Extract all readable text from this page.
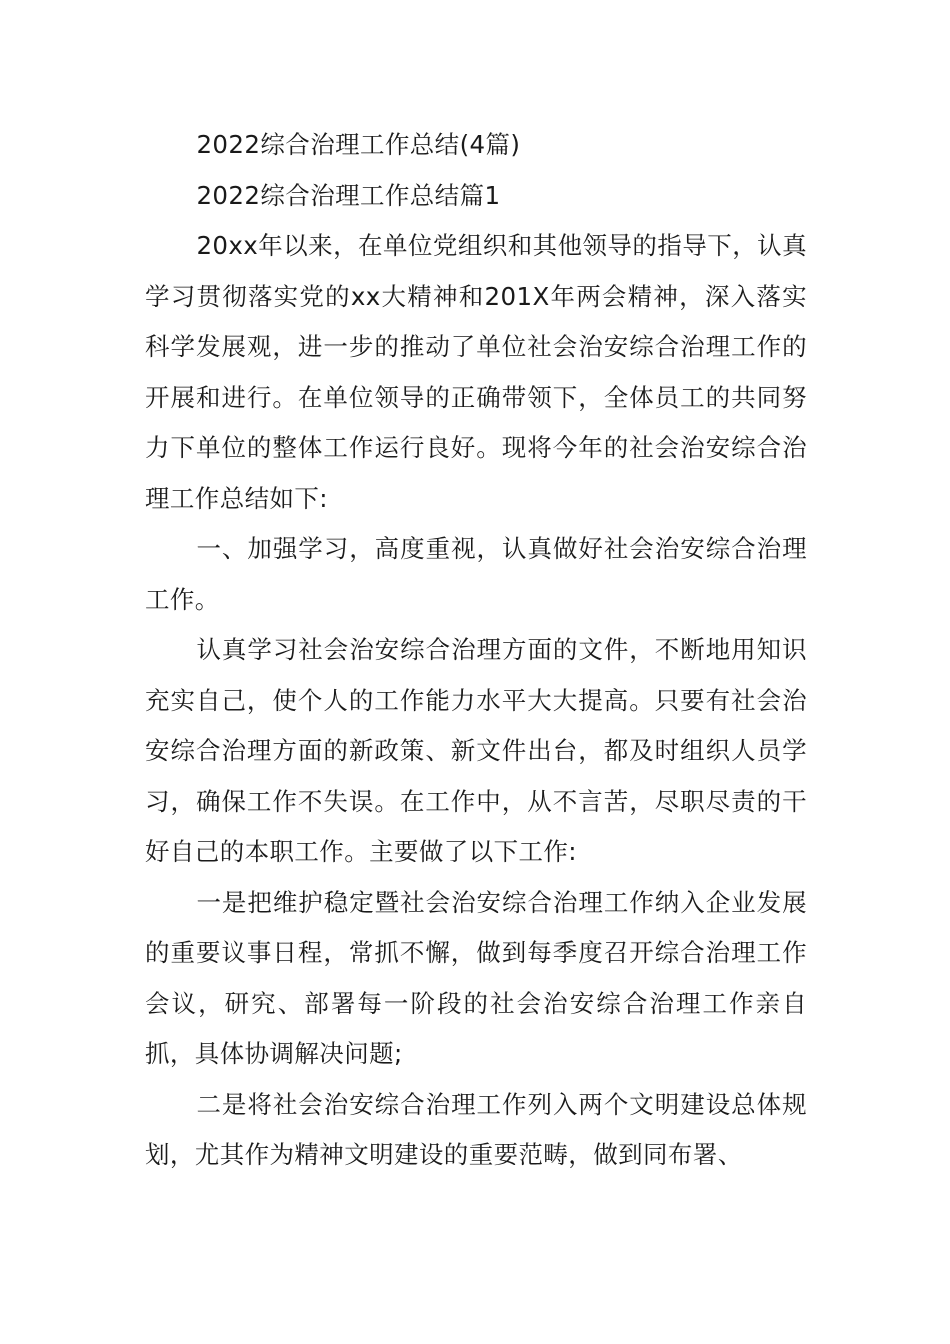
2022综合治理工作总结(4篇)

2022综合治理工作总结篇1

20xx年以来，在单位党组织和其他领导的指导下，认真学习贯彻落实党的xx大精神和201X年两会精神，深入落实科学发展观，进一步的推动了单位社会治安综合治理工作的开展和进行。在单位领导的正确带领下，全体员工的共同努力下单位的整体工作运行良好。现将今年的社会治安综合治理工作总结如下:

一、加强学习，高度重视，认真做好社会治安综合治理工作。

认真学习社会治安综合治理方面的文件，不断地用知识充实自己，使个人的工作能力水平大大提高。只要有社会治安综合治理方面的新政策、新文件出台，都及时组织人员学习，确保工作不失误。在工作中，从不言苦，尽职尽责的干好自己的本职工作。主要做了以下工作:

一是把维护稳定暨社会治安综合治理工作纳入企业发展的重要议事日程，常抓不懈，做到每季度召开综合治理工作会议，研究、部署每一阶段的社会治安综合治理工作亲自抓，具体协调解决问题;

二是将社会治安综合治理工作列入两个文明建设总体规划，尤其作为精神文明建设的重要范畴，做到同布署、
